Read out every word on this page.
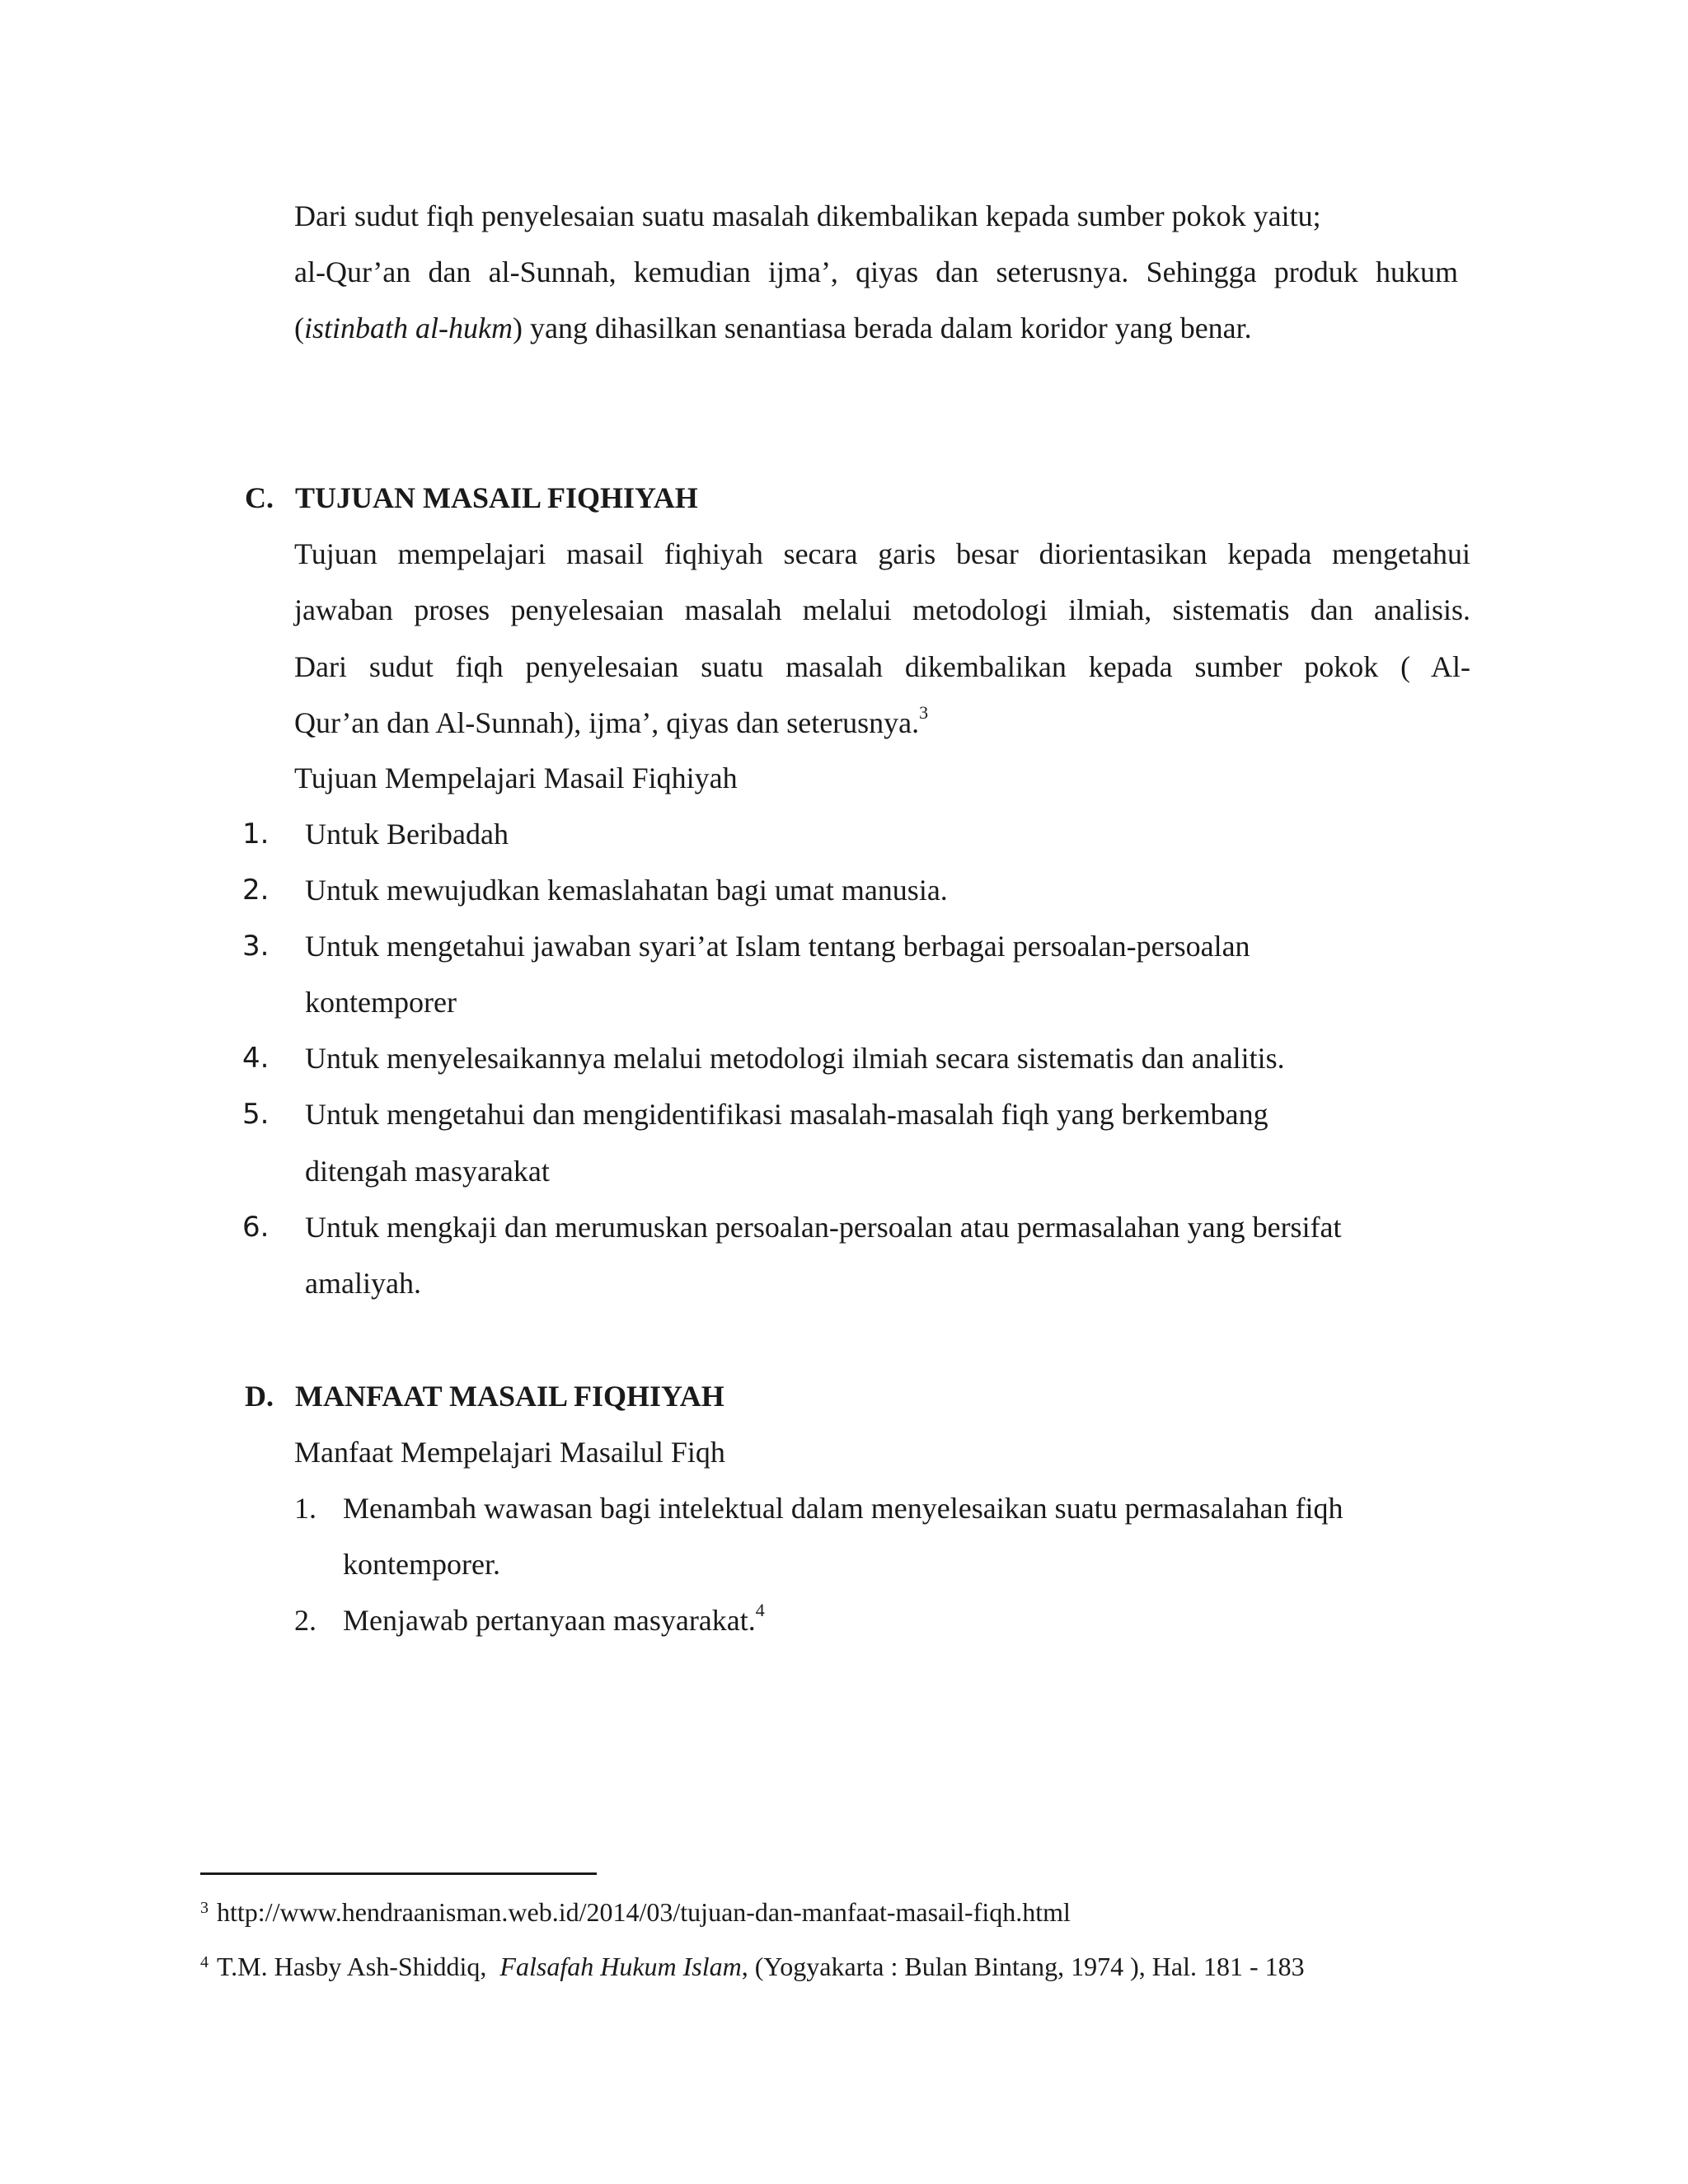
Dari sudut fiqh penyelesaian suatu masalah dikembalikan kepada sumber pokok yaitu;
al-Qur’an dan al-Sunnah, kemudian ijma’, qiyas dan seterusnya. Sehingga produk hukum
(istinbath al-hukm) yang dihasilkan senantiasa berada dalam koridor yang benar.
C. TUJUAN MASAIL FIQHIYAH
Tujuan mempelajari masail fiqhiyah secara garis besar diorientasikan kepada mengetahui
jawaban proses penyelesaian masalah melalui metodologi ilmiah, sistematis dan analisis.
Dari sudut fiqh penyelesaian suatu masalah dikembalikan kepada sumber pokok ( Al-
Qur’an dan Al-Sunnah), ijma’, qiyas dan seterusnya.$^3$
Tujuan Mempelajari Masail Fiqhiyah
1. Untuk Beribadah
2. Untuk mewujudkan kemaslahatan bagi umat manusia.
3. Untuk mengetahui jawaban syari’at Islam tentang berbagai persoalan-persoalan
kontemporer
4. Untuk menyelesaikannya melalui metodologi ilmiah secara sistematis dan analitis.
5. Untuk mengetahui dan mengidentifikasi masalah-masalah fiqh yang berkembang
ditengah masyarakat
6. Untuk mengkaji dan merumuskan persoalan-persoalan atau permasalahan yang bersifat
amaliyah.
D. MANFAAT MASAIL FIQHIYAH
Manfaat Mempelajari Masailul Fiqh
1. Menambah wawasan bagi intelektual dalam menyelesaikan suatu permasalahan fiqh
kontemporer.
2. Menjawab pertanyaan masyarakat.$^4$
$^3$ http://www.hendraanisman.web.id/2014/03/tujuan-dan-manfaat-masail-fiqh.html
$^4$ T.M. Hasby Ash-Shiddiq, Falsafah Hukum Islam, (Yogyakarta : Bulan Bintang, 1974 ), Hal. 181 - 183
